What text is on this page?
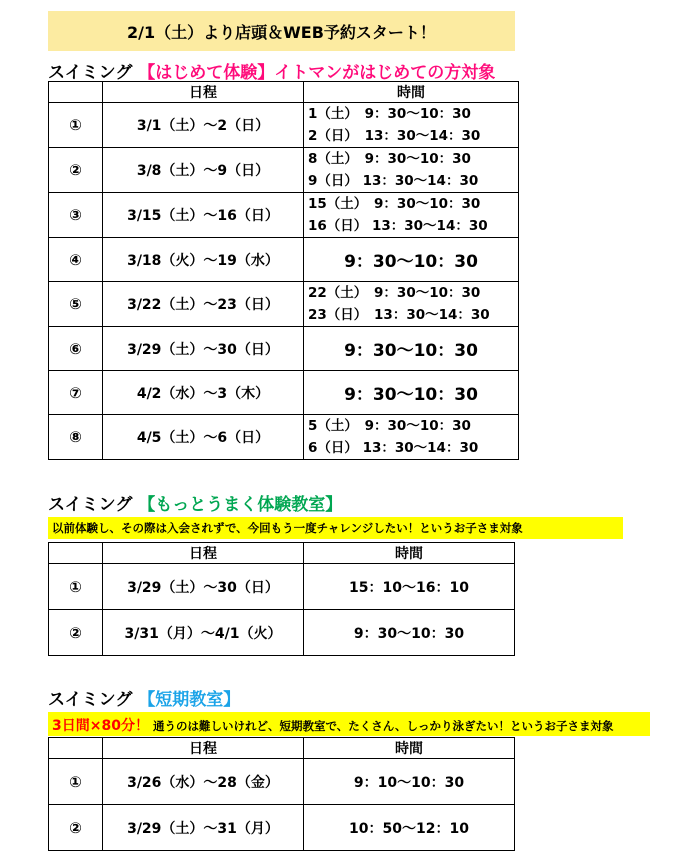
2/1（土）より店頭＆WEB予約スタート！
スイミング 【はじめて体験】イトマンがはじめての方対象
	日程	時間
①	3/1（土）～2（日）	1（土）　9：30～10：30
2（日）　13：30～14：30

②	3/8（土）～9（日）	8（土）　9：30～10：30
9（日） 13：30～14：30

③	3/15（土）～16（日）	15（土）　9：30～10：30
16（日） 13：30～14：30

④	3/18（火）～19（水）	9：30～10：30

⑤	3/22（土）～23（日）	22（土）　9：30～10：30
23（日）　13：30～14：30

⑥	3/29（土）～30（日）	9：30～10：30

⑦	4/2（水）～3（木）	9：30～10：30

⑧	4/5（土）～6（日）	5（土）　9：30～10：30
6（日） 13：30～14：30
スイミング 【もっとうまく体験教室】
以前体験し、その際は入会されずで、今回もう一度チャレンジしたい！というお子さま対象
	日程	時間
①	3/29（土）～30（日）	15：10～16：10
②	3/31（月）～4/1（火）	9：30～10：30
スイミング 【短期教室】
3日間×80分！ 通うのは難しいけれど、短期教室で、たくさん、しっかり泳ぎたい！というお子さま対象
	日程	時間
①	3/26（水）～28（金）	9：10～10：30
②	3/29（土）～31（月）	10：50～12：10
